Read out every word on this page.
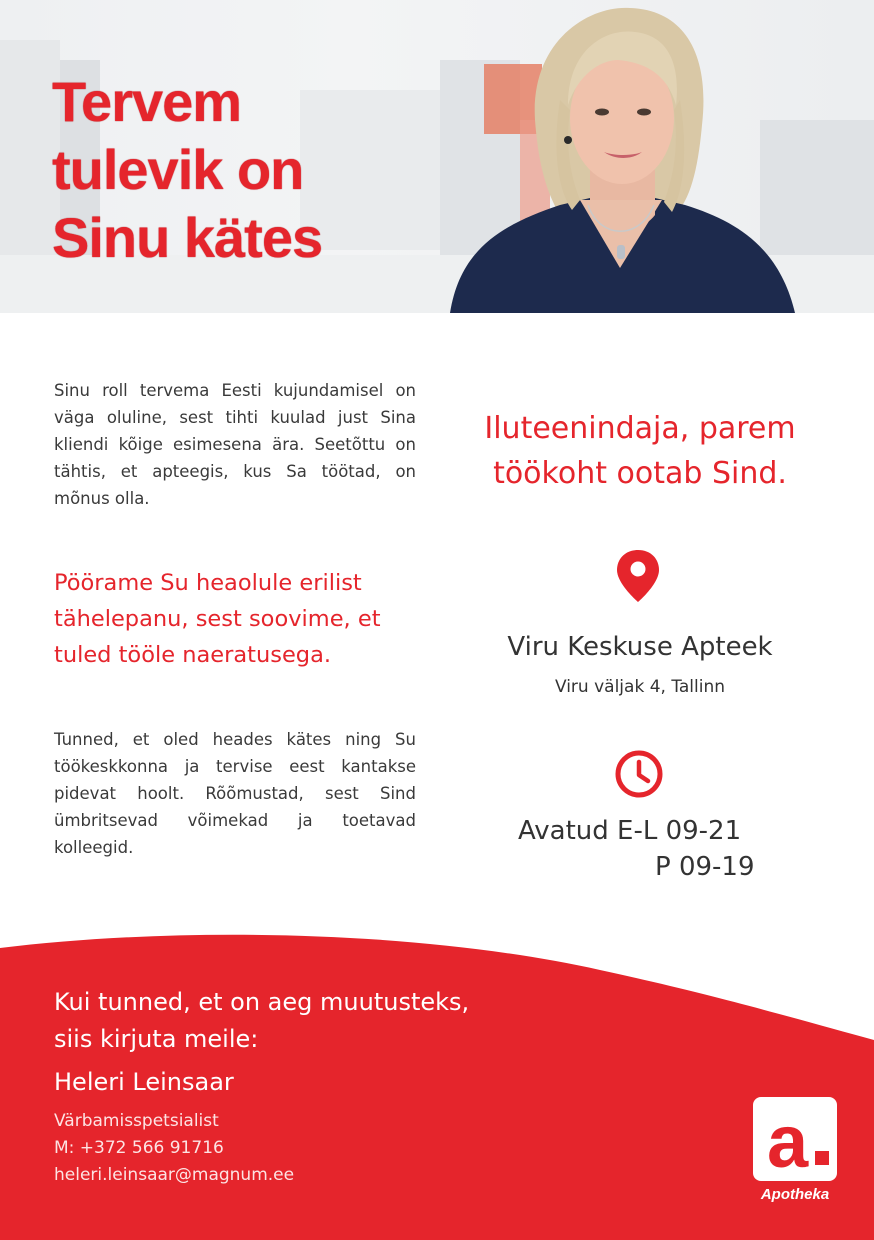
Tervem
tulevik on
Sinu kätes

Sinu roll tervema Eesti kujundamisel on väga oluline, sest tihti kuulad just Sina kliendi kõige esimesena ära. Seetõttu on tähtis, et apteegis, kus Sa töötad, on mõnus olla.

Pöörame Su heaolule erilist tähelepanu, sest soovime, et tuled tööle naeratusega.

Tunned, et oled heades kätes ning Su töökeskkonna ja tervise eest kantakse pidevat hoolt. Rõõmustad, sest Sind ümbritsevad võimekad ja toetavad kolleegid.

Iluteenindaja, parem töökoht ootab Sind.

Viru Keskuse Apteek

Viru väljak 4, Tallinn

Avatud E-L 09-21

P 09-19

Kui tunned, et on aeg muutusteks,
siis kirjuta meile:

Heleri Leinsaar

Värbamisspetsialist

M: +372 566 91716

heleri.leinsaar@magnum.ee	a

Apotheka
